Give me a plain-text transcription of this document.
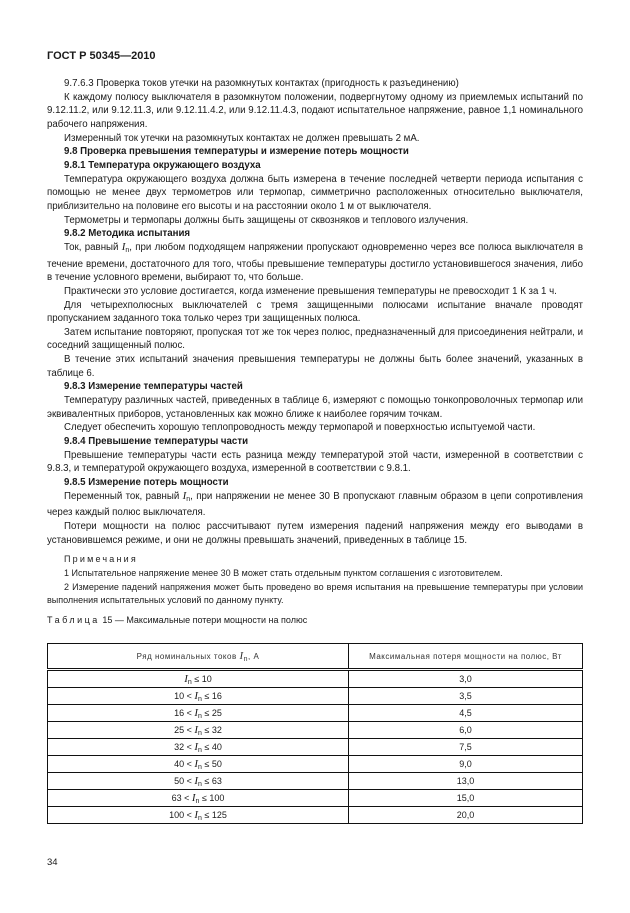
ГОСТ Р 50345—2010

9.7.6.3 Проверка токов утечки на разомкнутых контактах (пригодность к разъединению)

К каждому полюсу выключателя в разомкнутом положении, подвергнутому одному из приемлемых испытаний по 9.12.11.2, или 9.12.11.3, или 9.12.11.4.2, или 9.12.11.4.3, подают испытательное напряжение, равное 1,1 номинального рабочего напряжения.

Измеренный ток утечки на разомкнутых контактах не должен превышать 2 мА.

9.8 Проверка превышения температуры и измерение потерь мощности

9.8.1 Температура окружающего воздуха

Температура окружающего воздуха должна быть измерена в течение последней четверти периода испытания с помощью не менее двух термометров или термопар, симметрично расположенных относительно выключателя, приблизительно на половине его высоты и на расстоянии около 1 м от выключателя.

Термометры и термопары должны быть защищены от сквозняков и теплового излучения.

9.8.2 Методика испытания

Ток, равный $I_n$, при любом подходящем напряжении пропускают одновременно через все полюса выключателя в течение времени, достаточного для того, чтобы превышение температуры достигло установившегося значения, либо в течение условного времени, выбирают то, что больше.

Практически это условие достигается, когда изменение превышения температуры не превосходит 1 К за 1 ч.

Для четырехполюсных выключателей с тремя защищенными полюсами испытание вначале проводят пропусканием заданного тока только через три защищенных полюса.

Затем испытание повторяют, пропуская тот же ток через полюс, предназначенный для присоединения нейтрали, и соседний защищенный полюс.

В течение этих испытаний значения превышения температуры не должны быть более значений, указанных в таблице 6.

9.8.3 Измерение температуры частей

Температуру различных частей, приведенных в таблице 6, измеряют с помощью тонкопроволочных термопар или эквивалентных приборов, установленных как можно ближе к наиболее горячим точкам.

Следует обеспечить хорошую теплопроводность между термопарой и поверхностью испытуемой части.

9.8.4 Превышение температуры части

Превышение температуры части есть разница между температурой этой части, измеренной в соответствии с 9.8.3, и температурой окружающего воздуха, измеренной в соответствии с 9.8.1.

9.8.5 Измерение потерь мощности

Переменный ток, равный $I_n$, при напряжении не менее 30 В пропускают главным образом в цепи сопротивления через каждый полюс выключателя.

Потери мощности на полюс рассчитывают путем измерения падений напряжения между его выводами в установившемся режиме, и они не должны превышать значений, приведенных в таблице 15.

Примечания

1 Испытательное напряжение менее 30 В может стать отдельным пунктом соглашения с изготовителем.

2 Измерение падений напряжения может быть проведено во время испытания на превышение температуры при условии выполнения испытательных условий по данному пункту.

Таблица 15 — Максимальные потери мощности на полюс
Ряд номинальных токов $I_n$, А	Максимальная потеря мощности на полюс, Вт
$I_n \le 10$	3,0
$10 < I_n \le 16$	3,5
$16 < I_n \le 25$	4,5
$25 < I_n \le 32$	6,0
$32 < I_n \le 40$	7,5
$40 < I_n \le 50$	9,0
$50 < I_n \le 63$	13,0
$63 < I_n \le 100$	15,0
$100 < I_n \le 125$	20,0
34
